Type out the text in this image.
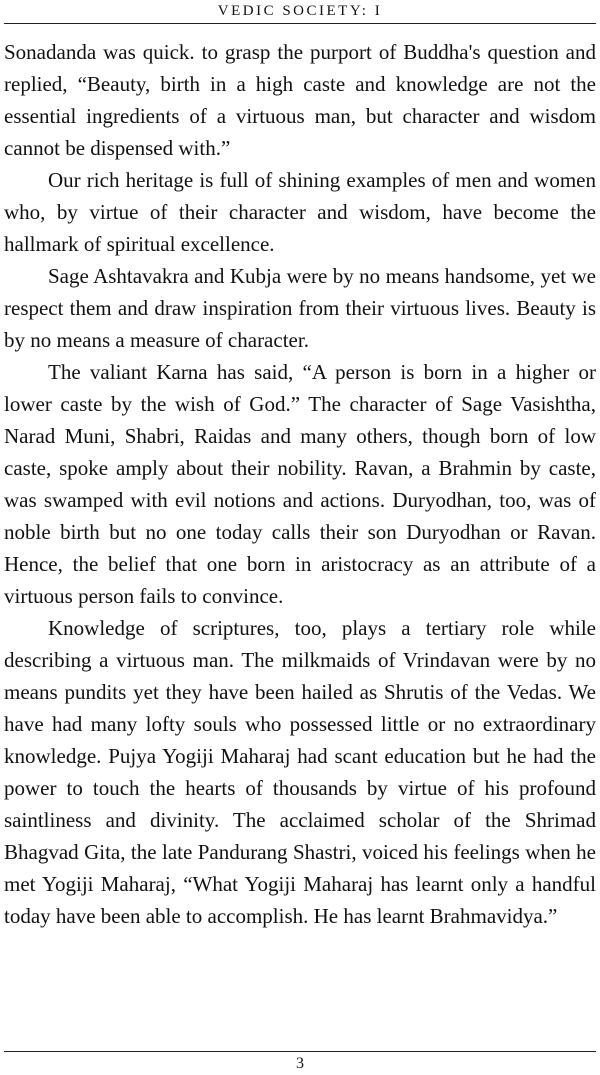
VEDIC SOCIETY: I

Sonadanda was quick. to grasp the purport of Buddha's question and replied, “Beauty, birth in a high caste and knowledge are not the essential ingredients of a virtuous man, but character and wisdom cannot be dispensed with.”

Our rich heritage is full of shining examples of men and women who, by virtue of their character and wisdom, have become the hallmark of spiritual excellence.

Sage Ashtavakra and Kubja were by no means handsome, yet we respect them and draw inspiration from their virtuous lives. Beauty is by no means a measure of character.

The valiant Karna has said, “A person is born in a higher or lower caste by the wish of God.” The character of Sage Vasishtha, Narad Muni, Shabri, Raidas and many others, though born of low caste, spoke amply about their nobility. Ravan, a Brahmin by caste, was swamped with evil notions and actions. Duryodhan, too, was of noble birth but no one today calls their son Duryodhan or Ravan. Hence, the belief that one born in aristocracy as an attribute of a virtuous person fails to convince.

Knowledge of scriptures, too, plays a tertiary role while describing a virtuous man. The milkmaids of Vrindavan were by no means pundits yet they have been hailed as Shrutis of the Vedas. We have had many lofty souls who possessed little or no extraordinary knowledge. Pujya Yogiji Maharaj had scant education but he had the power to touch the hearts of thousands by virtue of his profound saintliness and divinity. The acclaimed scholar of the Shrimad Bhagvad Gita, the late Pandurang Shastri, voiced his feelings when he met Yogiji Maharaj, “What Yogiji Maharaj has learnt only a handful today have been able to accomplish. He has learnt Brahmavidya.”

3
